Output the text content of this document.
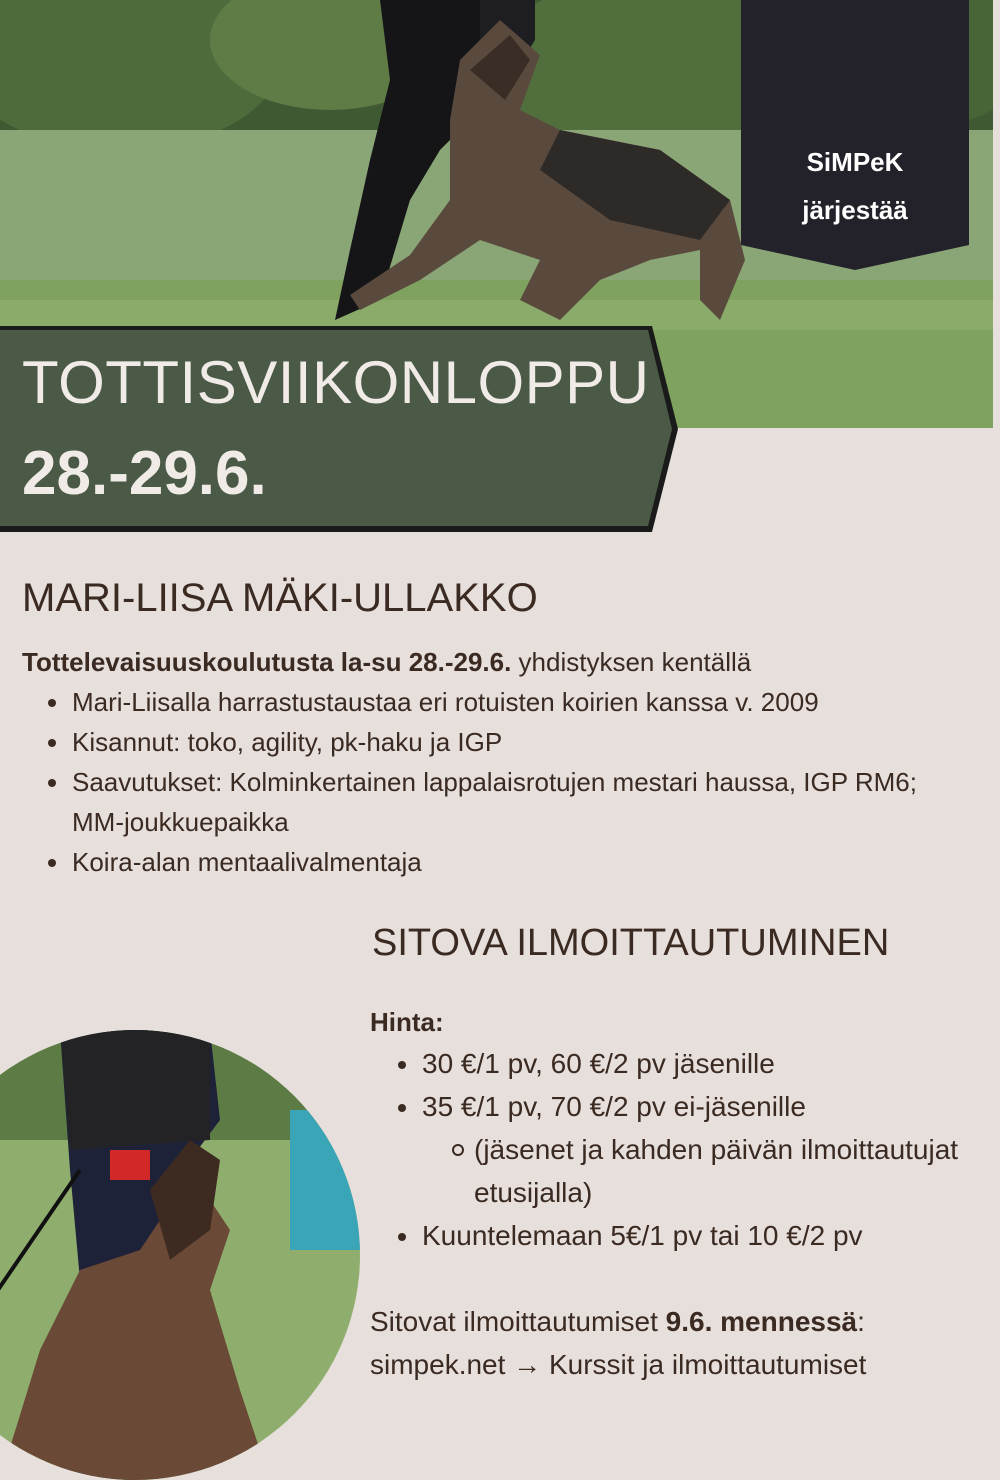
SiMPeK
järjestää
TOTTISVIIKONLOPPU
28.-29.6.
MARI-LIISA MÄKI-ULLAKKO
Tottelevaisuuskoulutusta la-su 28.-29.6. yhdistyksen kentällä
Mari-Liisalla harrastustaustaa eri rotuisten koirien kanssa v. 2009
Kisannut: toko, agility, pk-haku ja IGP
Saavutukset: Kolminkertainen lappalaisrotujen mestari haussa, IGP RM6; MM-joukkuepaikka
Koira-alan mentaalivalmentaja
SITOVA ILMOITTAUTUMINEN
Hinta:
30 €/1 pv, 60 €/2 pv jäsenille
35 €/1 pv, 70 €/2 pv ei-jäsenille
(jäsenet ja kahden päivän ilmoittautujat etusijalla)
Kuuntelemaan 5€/1 pv tai 10 €/2 pv
Sitovat ilmoittautumiset 9.6. mennessä:
simpek.net → Kurssit ja ilmoittautumiset
